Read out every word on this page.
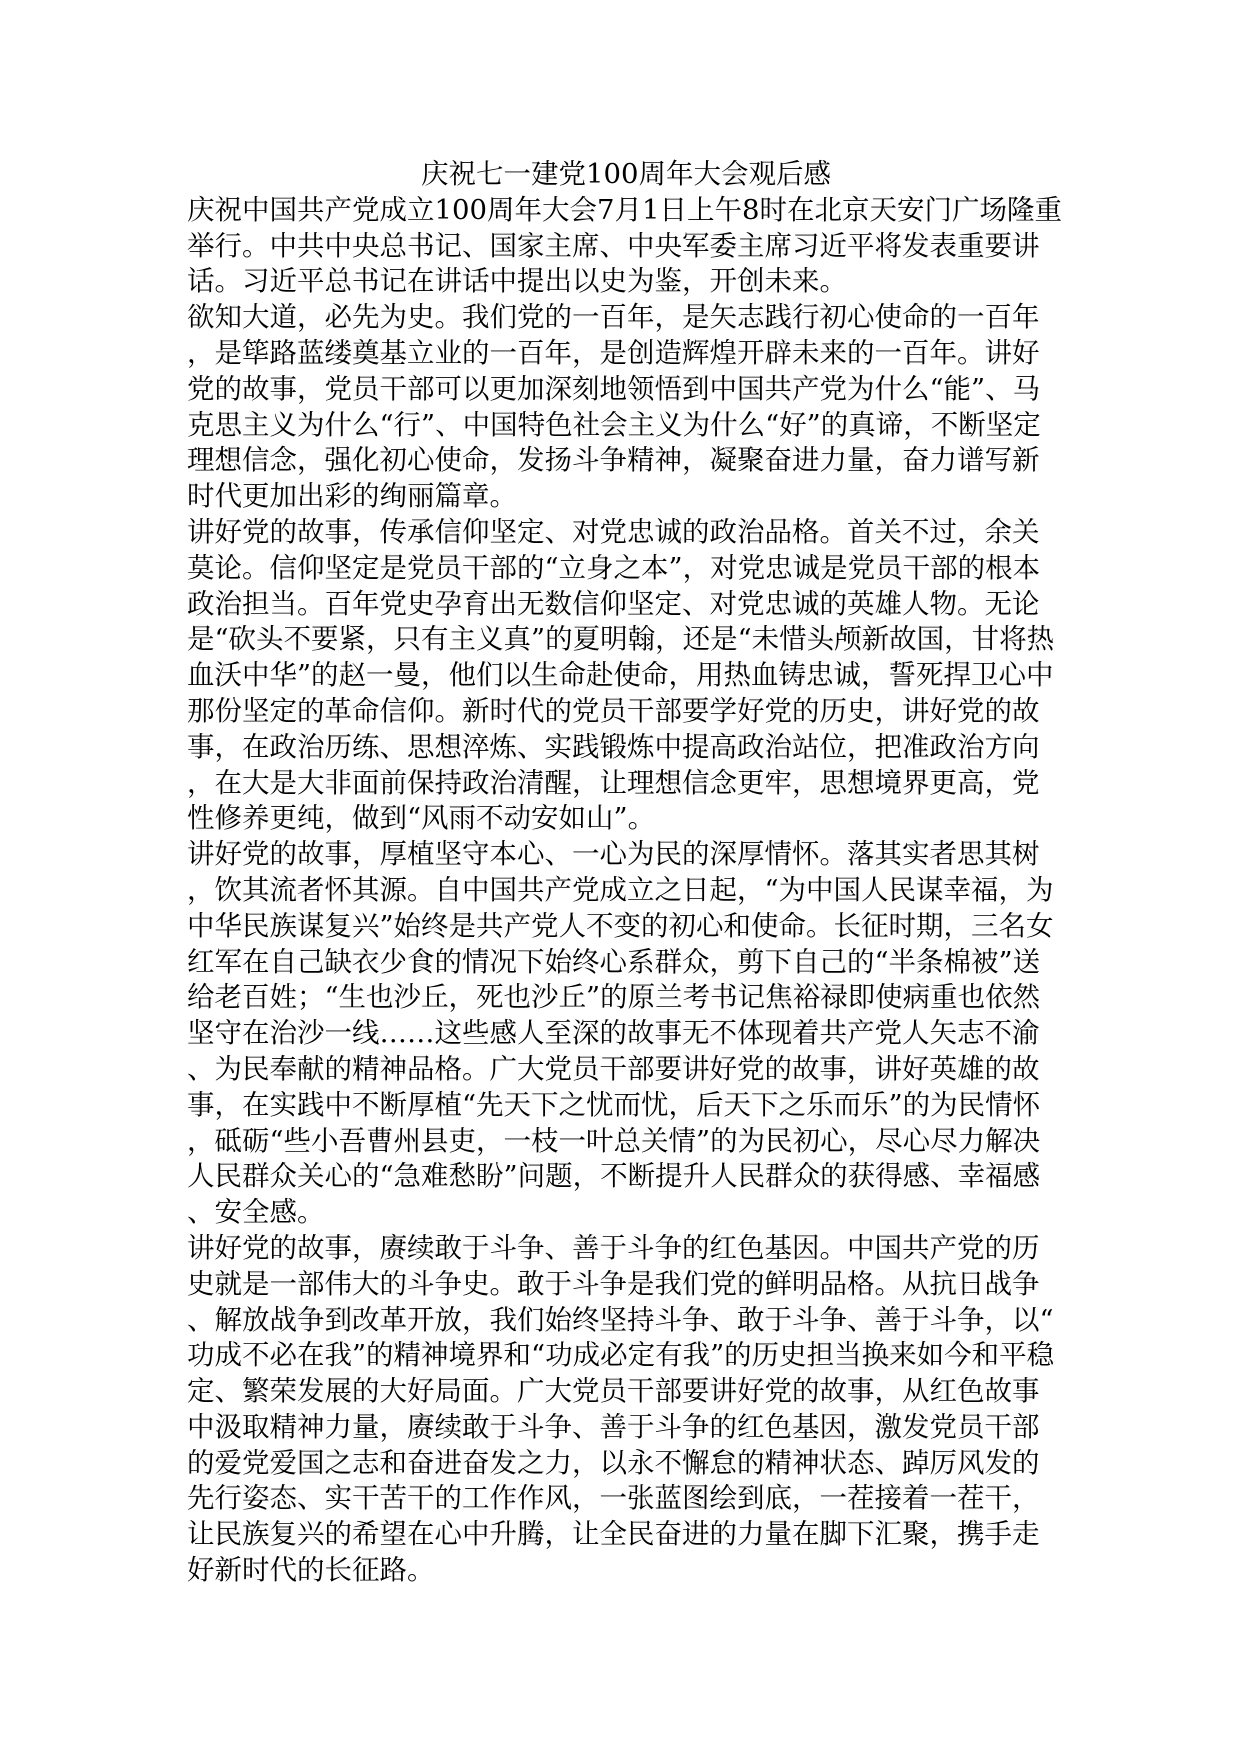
庆祝七一建党100周年大会观后感

庆祝中国共产党成立100周年大会7月1日上午8时在北京天安门广场隆重举行。中共中央总书记、国家主席、中央军委主席习近平将发表重要讲话。习近平总书记在讲话中提出以史为鉴，开创未来。

欲知大道，必先为史。我们党的一百年，是矢志践行初心使命的一百年，是筚路蓝缕奠基立业的一百年，是创造辉煌开辟未来的一百年。讲好党的故事，党员干部可以更加深刻地领悟到中国共产党为什么“能”、马克思主义为什么“行”、中国特色社会主义为什么“好”的真谛，不断坚定理想信念，强化初心使命，发扬斗争精神，凝聚奋进力量，奋力谱写新时代更加出彩的绚丽篇章。

讲好党的故事，传承信仰坚定、对党忠诚的政治品格。首关不过，余关莫论。信仰坚定是党员干部的“立身之本”，对党忠诚是党员干部的根本政治担当。百年党史孕育出无数信仰坚定、对党忠诚的英雄人物。无论是“砍头不要紧，只有主义真”的夏明翰，还是“未惜头颅新故国，甘将热血沃中华”的赵一曼，他们以生命赴使命，用热血铸忠诚，誓死捍卫心中那份坚定的革命信仰。新时代的党员干部要学好党的历史，讲好党的故事，在政治历练、思想淬炼、实践锻炼中提高政治站位，把准政治方向，在大是大非面前保持政治清醒，让理想信念更牢，思想境界更高，党性修养更纯，做到“风雨不动安如山”。

讲好党的故事，厚植坚守本心、一心为民的深厚情怀。落其实者思其树，饮其流者怀其源。自中国共产党成立之日起，“为中国人民谋幸福，为中华民族谋复兴”始终是共产党人不变的初心和使命。长征时期，三名女红军在自己缺衣少食的情况下始终心系群众，剪下自己的“半条棉被”送给老百姓；“生也沙丘，死也沙丘”的原兰考书记焦裕禄即使病重也依然坚守在治沙一线……这些感人至深的故事无不体现着共产党人矢志不渝、为民奉献的精神品格。广大党员干部要讲好党的故事，讲好英雄的故事，在实践中不断厚植“先天下之忧而忧，后天下之乐而乐”的为民情怀，砥砺“些小吾曹州县吏，一枝一叶总关情”的为民初心，尽心尽力解决人民群众关心的“急难愁盼”问题，不断提升人民群众的获得感、幸福感、安全感。

讲好党的故事，赓续敢于斗争、善于斗争的红色基因。中国共产党的历史就是一部伟大的斗争史。敢于斗争是我们党的鲜明品格。从抗日战争、解放战争到改革开放，我们始终坚持斗争、敢于斗争、善于斗争，以“功成不必在我”的精神境界和“功成必定有我”的历史担当换来如今和平稳定、繁荣发展的大好局面。广大党员干部要讲好党的故事，从红色故事中汲取精神力量，赓续敢于斗争、善于斗争的红色基因，激发党员干部的爱党爱国之志和奋进奋发之力，以永不懈怠的精神状态、踔厉风发的先行姿态、实干苦干的工作作风，一张蓝图绘到底，一茬接着一茬干，让民族复兴的希望在心中升腾，让全民奋进的力量在脚下汇聚，携手走好新时代的长征路。
